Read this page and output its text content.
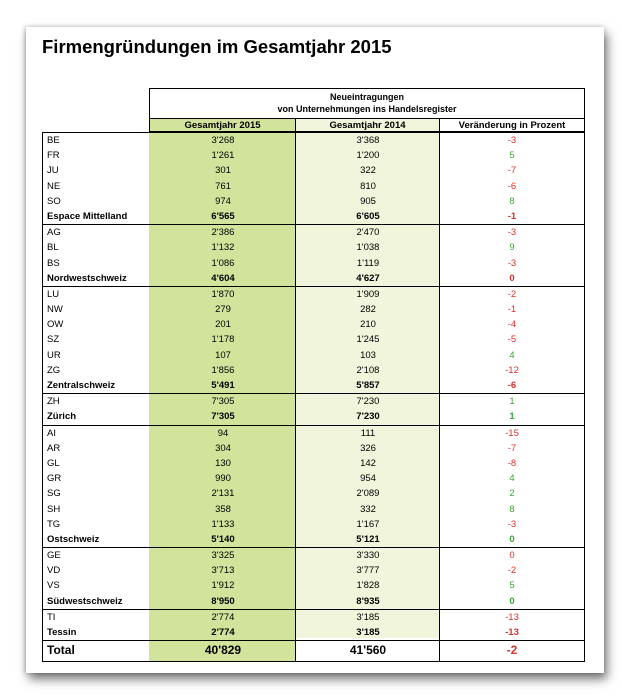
Firmengründungen im Gesamtjahr 2015
Neueintragungen
von Unternehmungen ins Handelsregister
Gesamtjahr 2015	Gesamtjahr 2014	Veränderung in Prozent
BE	3'268	3'368	-3
FR	1'261	1'200	5
JU	301	322	-7
NE	761	810	-6
SO	974	905	8
Espace Mittelland	6'565	6'605	-1
AG	2'386	2'470	-3
BL	1'132	1'038	9
BS	1'086	1'119	-3
Nordwestschweiz	4'604	4'627	0
LU	1'870	1'909	-2
NW	279	282	-1
OW	201	210	-4
SZ	1'178	1'245	-5
UR	107	103	4
ZG	1'856	2'108	-12
Zentralschweiz	5'491	5'857	-6
ZH	7'305	7'230	1
Zürich	7'305	7'230	1
AI	94	111	-15
AR	304	326	-7
GL	130	142	-8
GR	990	954	4
SG	2'131	2'089	2
SH	358	332	8
TG	1'133	1'167	-3
Ostschweiz	5'140	5'121	0
GE	3'325	3'330	0
VD	3'713	3'777	-2
VS	1'912	1'828	5
Südwestschweiz	8'950	8'935	0
TI	2'774	3'185	-13
Tessin	2'774	3'185	-13
Total	40'829	41'560	-2
